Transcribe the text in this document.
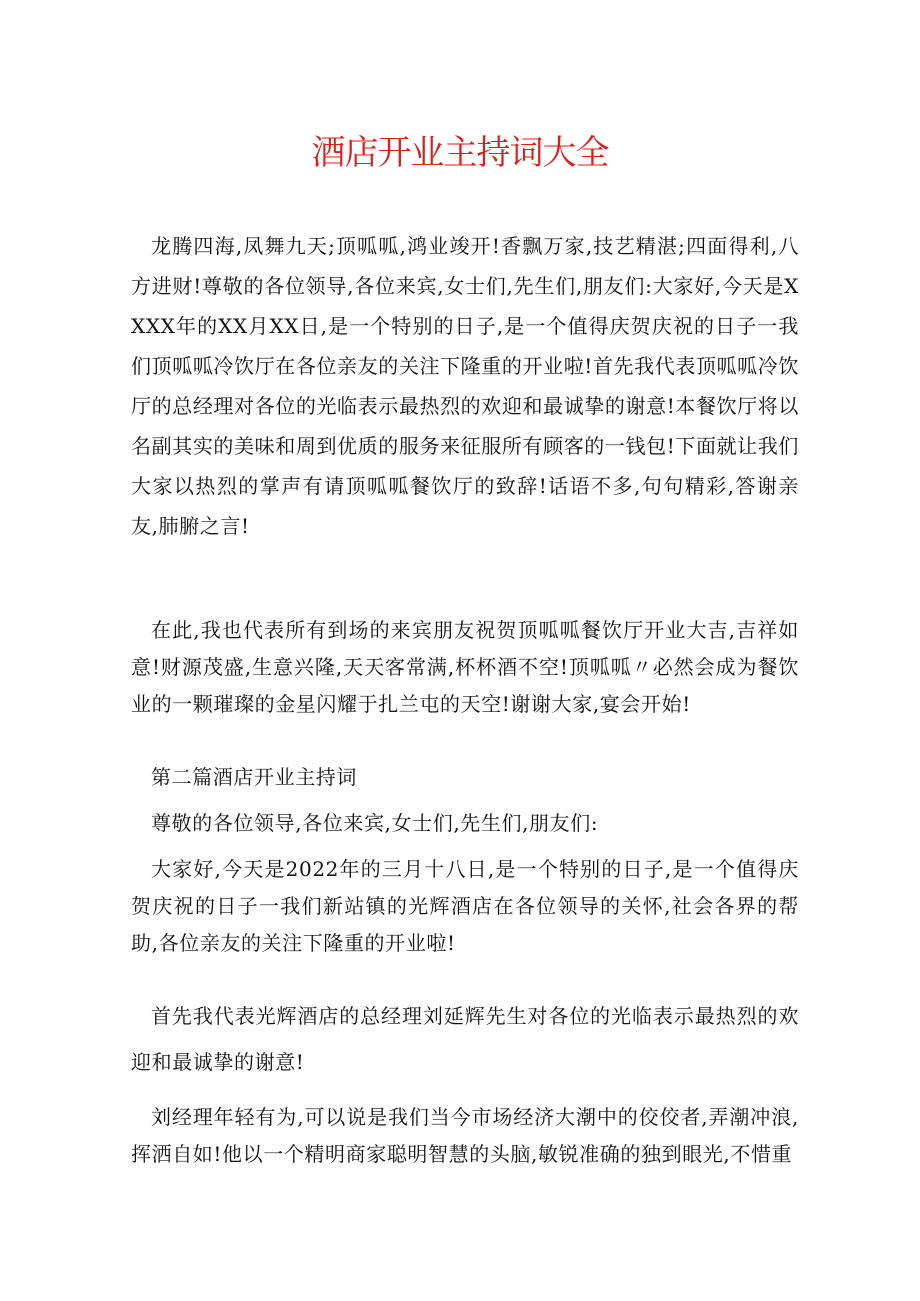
酒店开业主持词大全

龙腾四海,凤舞九天;顶呱呱,鸿业竣开!香飘万家,技艺精湛;四面得利,八方进财!尊敬的各位领导,各位来宾,女士们,先生们,朋友们:大家好,今天是XXXX年的XX月XX日,是一个特别的日子,是一个值得庆贺庆祝的日子一我们顶呱呱冷饮厅在各位亲友的关注下隆重的开业啦!首先我代表顶呱呱冷饮厅的总经理对各位的光临表示最热烈的欢迎和最诚挚的谢意!本餐饮厅将以名副其实的美味和周到优质的服务来征服所有顾客的一钱包!下面就让我们大家以热烈的掌声有请顶呱呱餐饮厅的致辞!话语不多,句句精彩,答谢亲友,肺腑之言!

在此,我也代表所有到场的来宾朋友祝贺顶呱呱餐饮厅开业大吉,吉祥如意!财源茂盛,生意兴隆,天天客常满,杯杯酒不空!顶呱呱〃必然会成为餐饮业的一颗璀璨的金星闪耀于扎兰屯的天空!谢谢大家,宴会开始!

第二篇酒店开业主持词

尊敬的各位领导,各位来宾,女士们,先生们,朋友们:

大家好,今天是2022年的三月十八日,是一个特别的日子,是一个值得庆贺庆祝的日子一我们新站镇的光辉酒店在各位领导的关怀,社会各界的帮助,各位亲友的关注下隆重的开业啦!

首先我代表光辉酒店的总经理刘延辉先生对各位的光临表示最热烈的欢迎和最诚挚的谢意!

刘经理年轻有为,可以说是我们当今市场经济大潮中的佼佼者,弄潮冲浪,挥洒自如!他以一个精明商家聪明智慧的头脑,敏锐准确的独到眼光,不惜重
